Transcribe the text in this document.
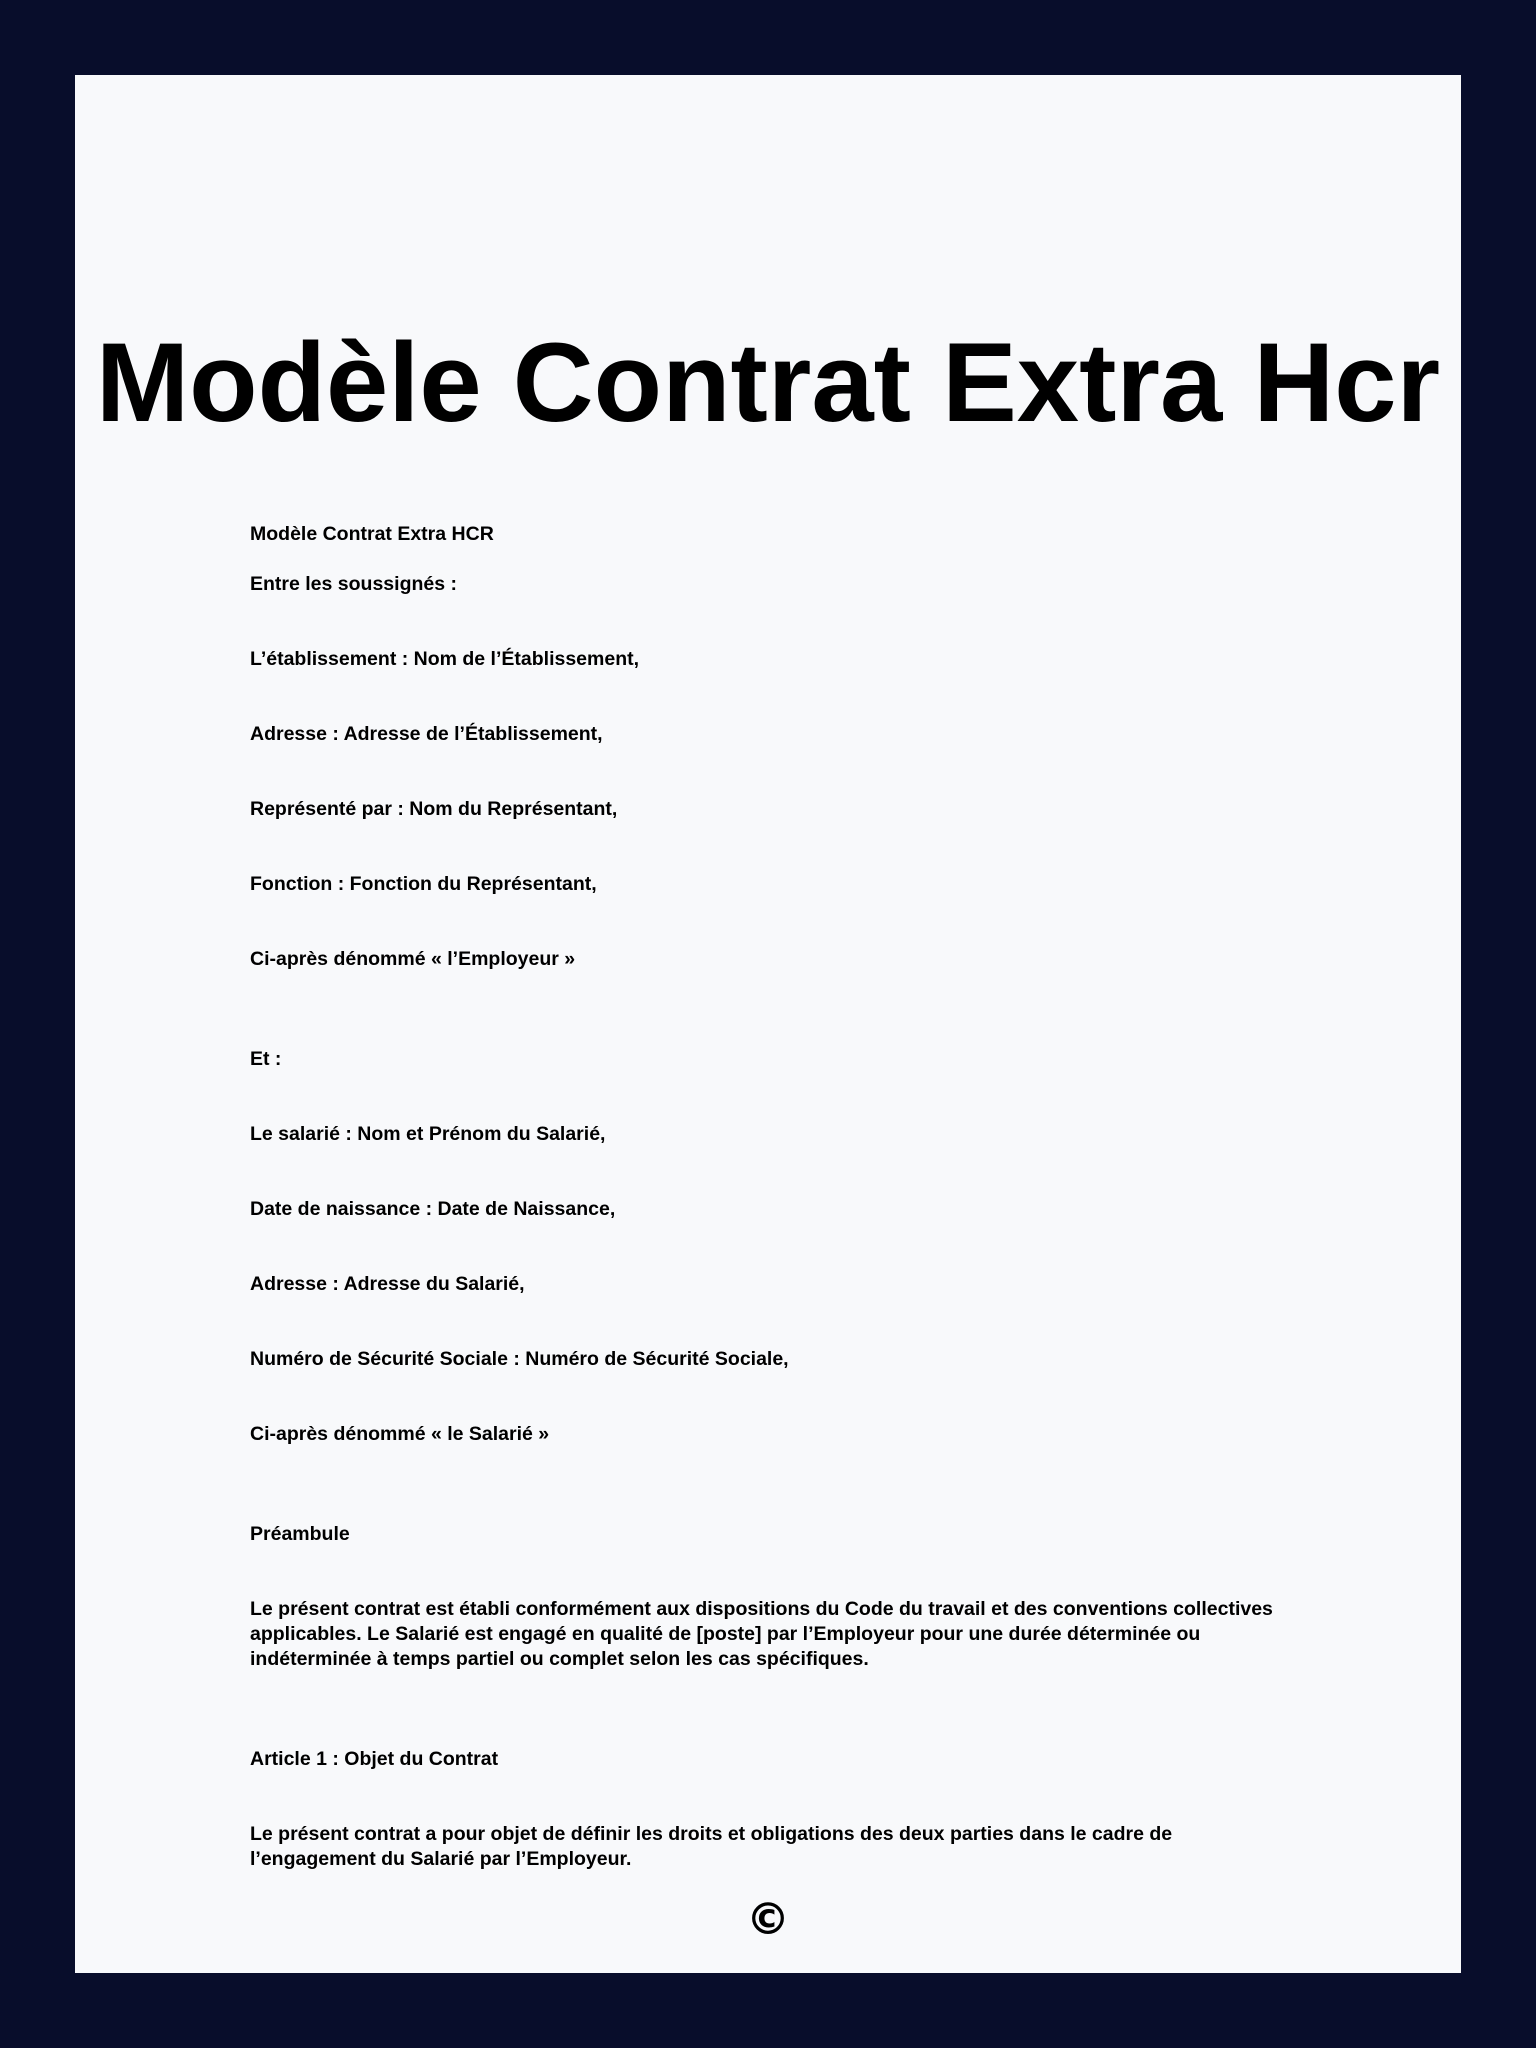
Modèle Contrat Extra Hcr

Modèle Contrat Extra HCR

Entre les soussignés :

L’établissement : Nom de l’Établissement,

Adresse : Adresse de l’Établissement,

Représenté par : Nom du Représentant,

Fonction : Fonction du Représentant,

Ci-après dénommé « l’Employeur »

Et :

Le salarié : Nom et Prénom du Salarié,

Date de naissance : Date de Naissance,

Adresse : Adresse du Salarié,

Numéro de Sécurité Sociale : Numéro de Sécurité Sociale,

Ci-après dénommé « le Salarié »

Préambule

Le présent contrat est établi conformément aux dispositions du Code du travail et des conventions collectives applicables. Le Salarié est engagé en qualité de [poste] par l’Employeur pour une durée déterminée ou indéterminée à temps partiel ou complet selon les cas spécifiques.

Article 1 : Objet du Contrat

Le présent contrat a pour objet de définir les droits et obligations des deux parties dans le cadre de l’engagement du Salarié par l’Employeur.

©
